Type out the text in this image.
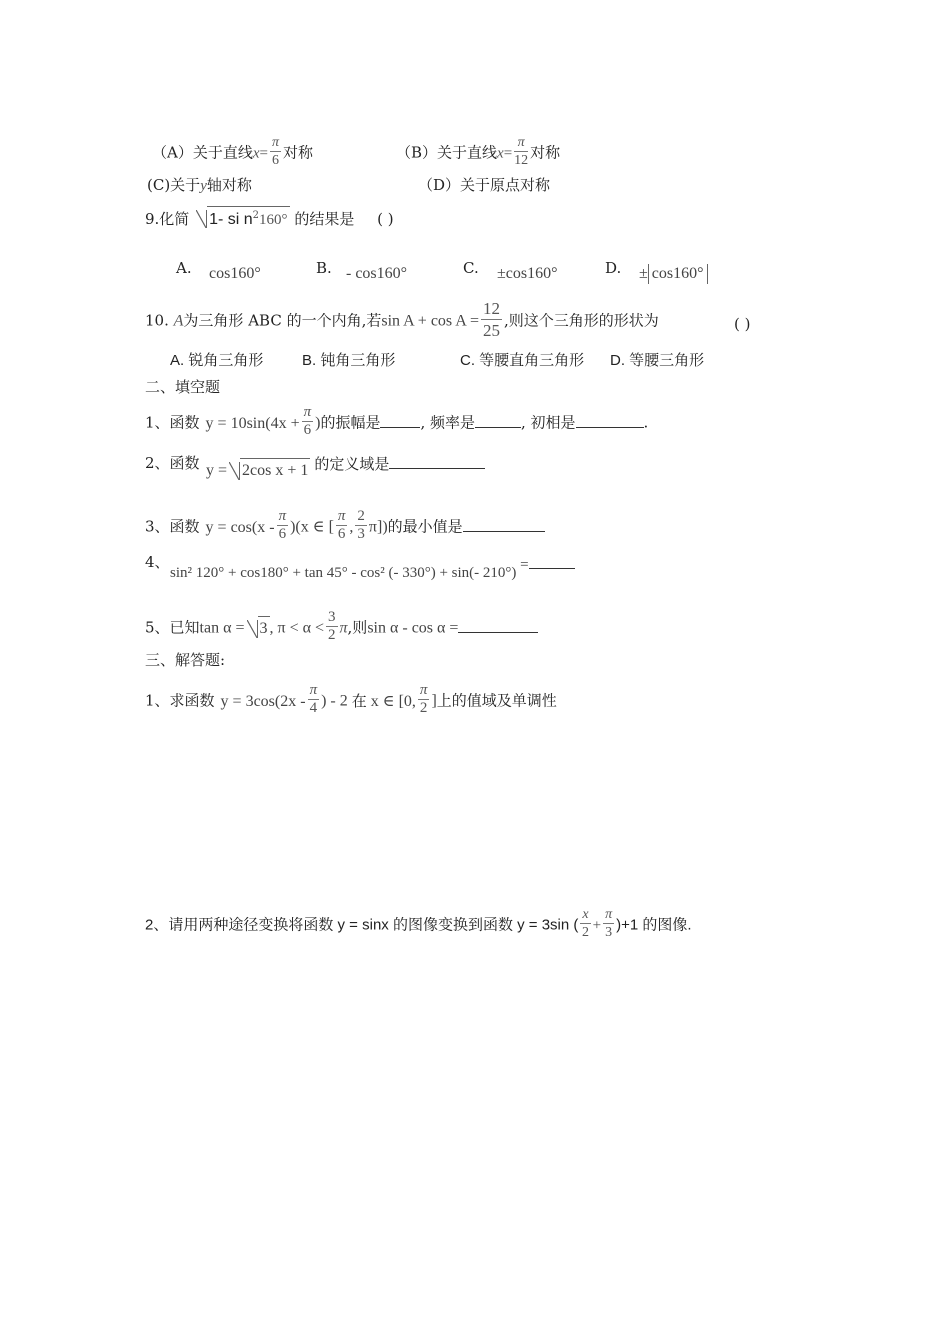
（A）关于直线$x= \frac{\pi}{6}$ 对称	（B）关于直线$x= \frac{\pi}{12}$ 对称
(C)关于y轴对称	（D）关于原点对称
9.化简 1- si $n^2160^\circ$ 的结果是 ( )
A. cos160°	B. - cos160°	C. ±cos160°	D. ± cos160°
10. A为三角形 ABC 的一个内角,若$\sin A + \cos A = \frac{12}{25}$ ,则这个三角形的形状为	( )
A. 锐角三角形	B. 钝角三角形	C. 等腰直角三角形 D. 等腰三角形
二、填空题
1、函数 $y = 10\sin(4x + \frac{\pi}{6}$ )的振幅是	, 频率是	, 初相是	.
2、函数 y = 2cos x + 1 的定义域是
3、函数 $y = \cos(x - \frac{\pi}{6} )(x$ ∈ [ $\frac{\pi}{6}$ , $\frac{2}{3} \pi$])的最小值是
4、
sin² 120° + cos180° + tan 45° - cos² (- 330°) + sin(- 210°) =
5、已知tan α = 3 , $\pi < \alpha < \frac{3}{2} \pi$,则sin α - cos α =
三、解答题:
1、求函数 $y = 3\cos(2x - \frac{\pi}{4}$ ) - 2 在 x ∈ [0, $\frac{\pi}{2}$ ]上的值域及单调性
2、请用两种途径变换将函数 y = sinx 的图像变换到函数 y = 3sin ( $\frac{x}{2} + \frac{\pi}{3} )+1$ 的图像.
